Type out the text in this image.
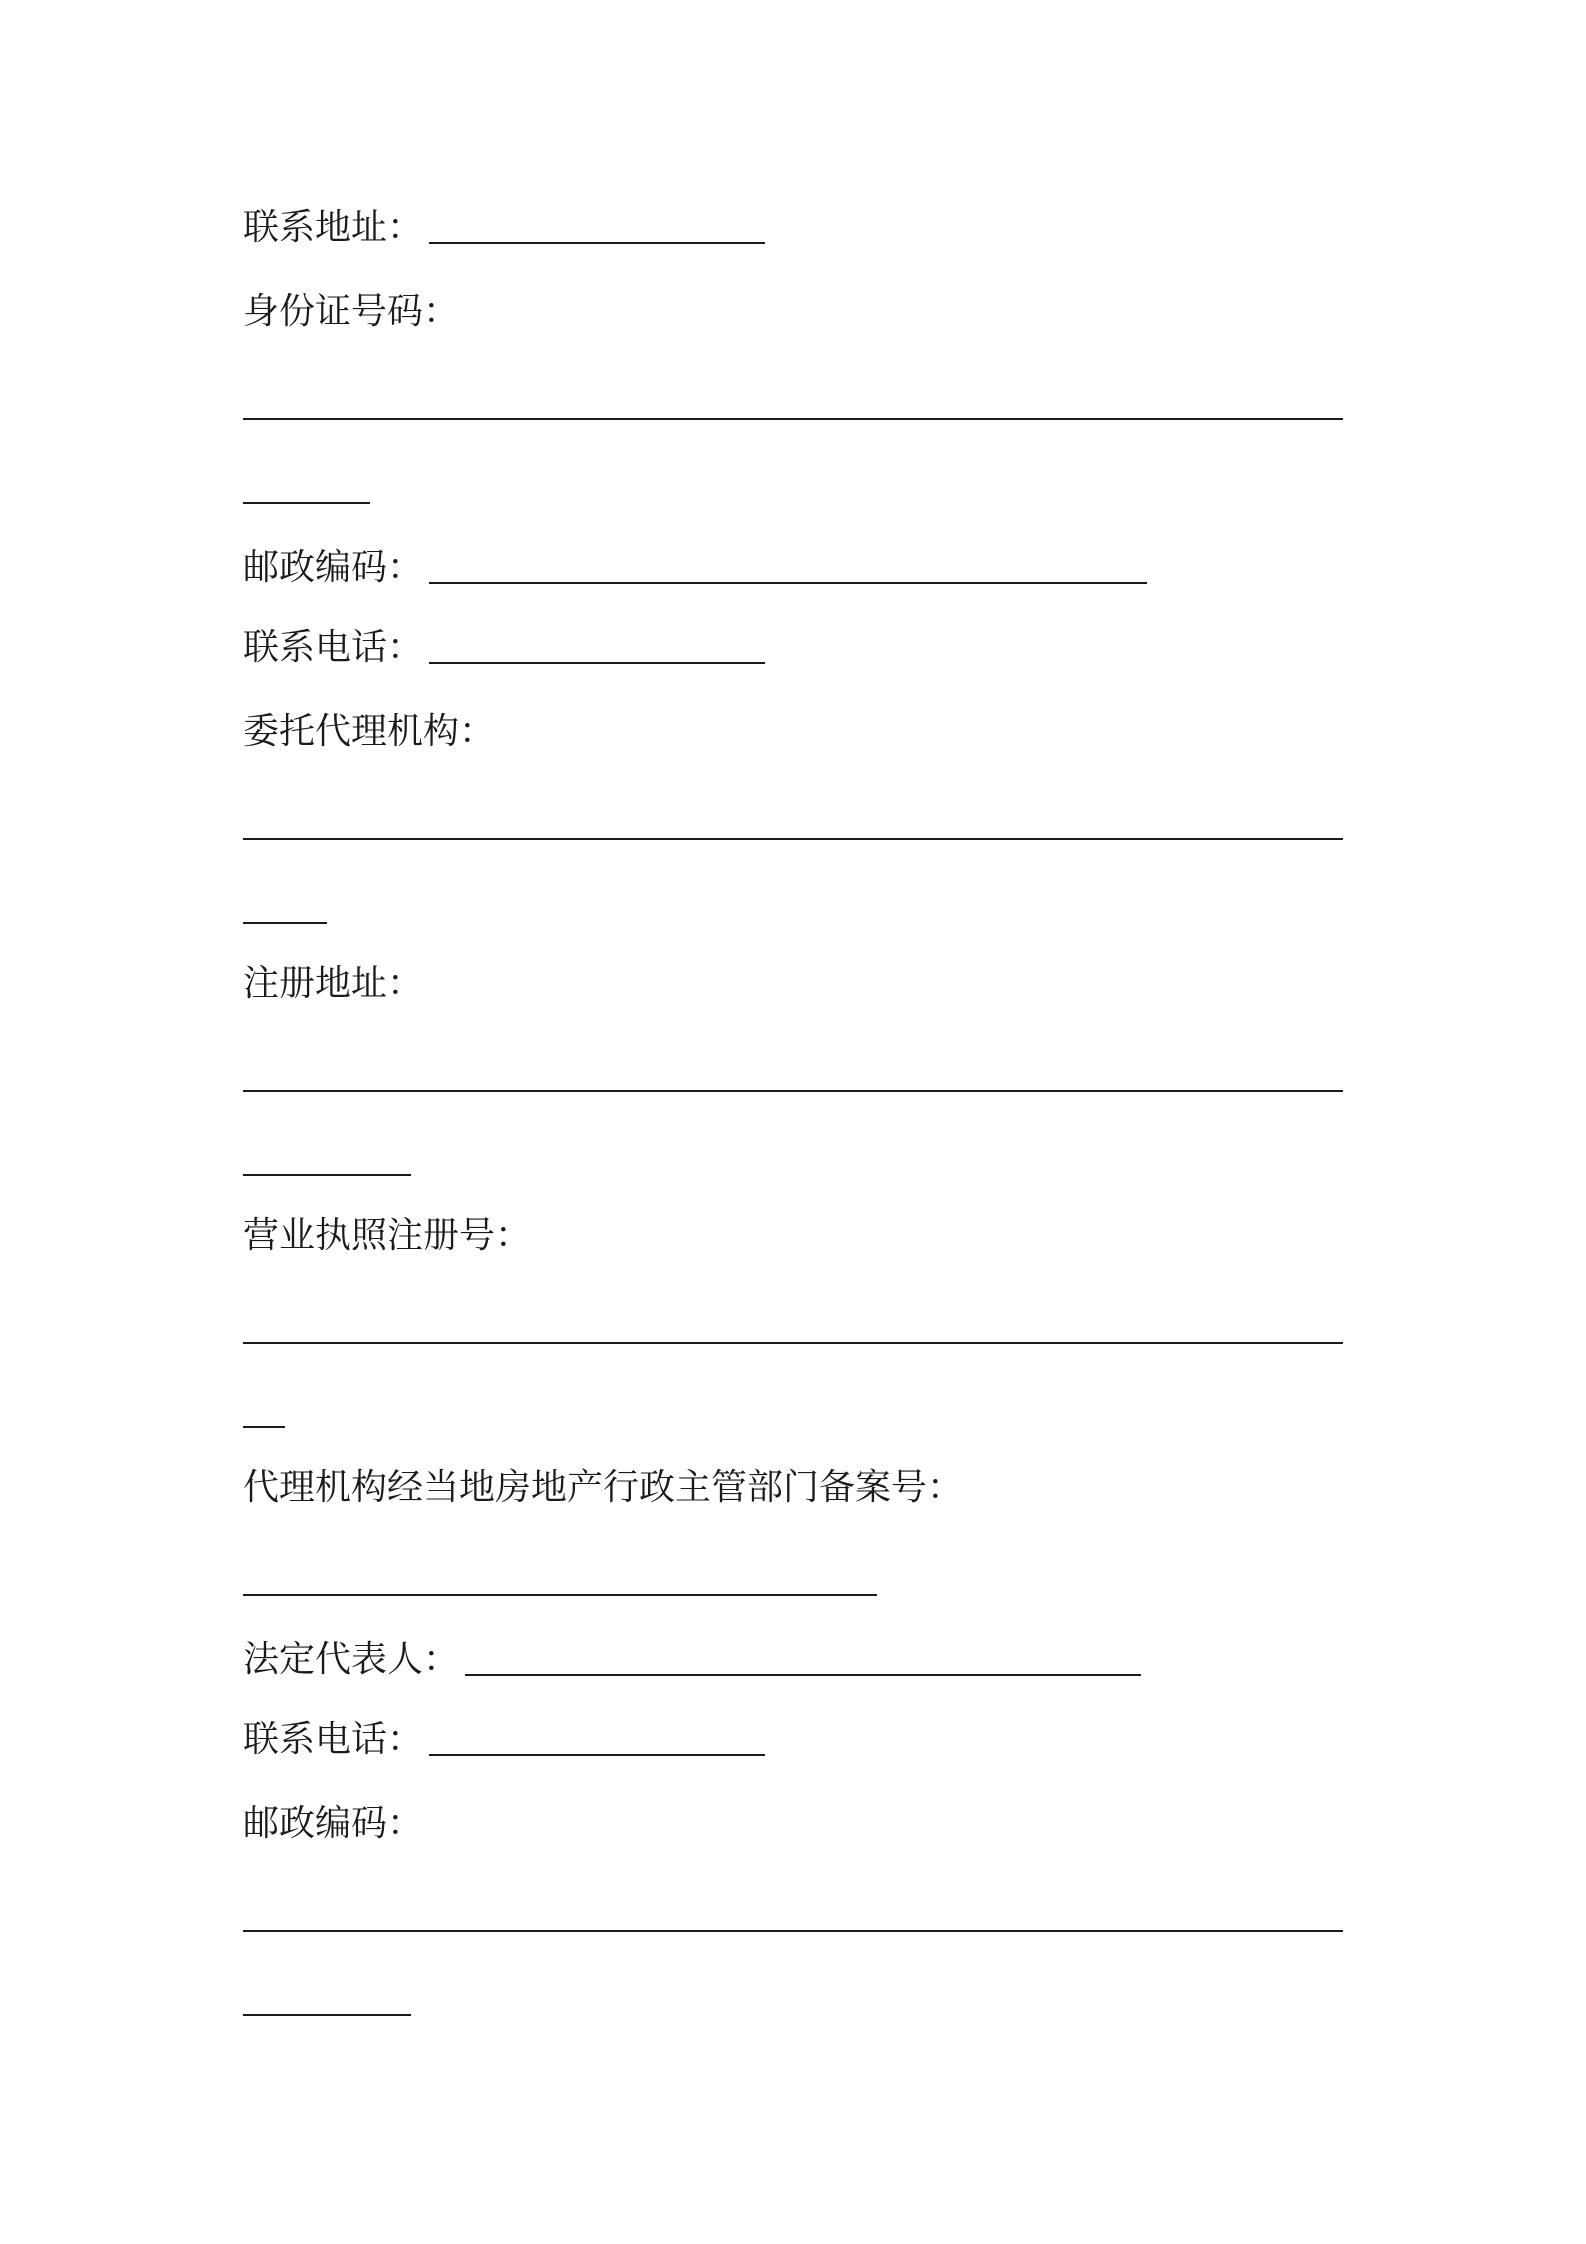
联系地址：
身份证号码：
邮政编码：
联系电话：
委托代理机构：
注册地址：
营业执照注册号：
代理机构经当地房地产行政主管部门备案号：
法定代表人：
联系电话：
邮政编码：
